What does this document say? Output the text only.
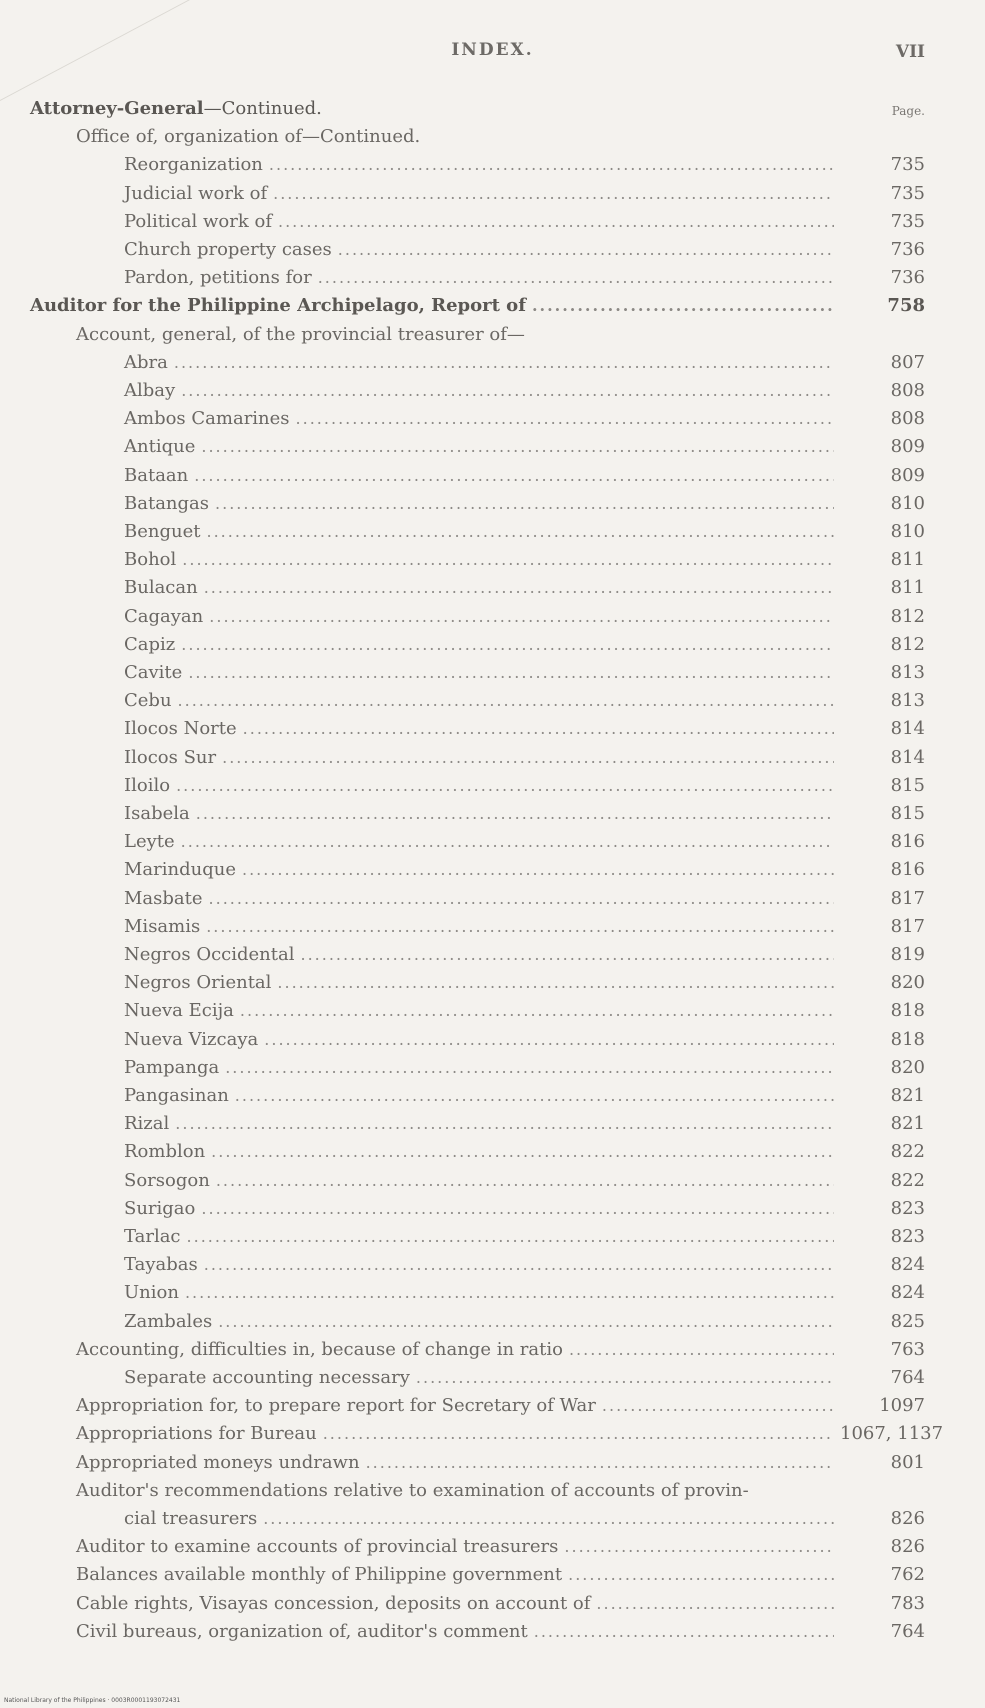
INDEX.	VII
Page.
Attorney-General —Continued.
Office of, organization of—Continued.
Reorganization .....	735
Judicial work of .....	735
Political work of .....	735
Church property cases .....	736
Pardon, petitions for .....	736
Auditor for the Philippine Archipelago, Report of .....	758
Account, general, of the provincial treasurer of—
Abra .....	807
Albay .....	808
Ambos Camarines .....	808
Antique .....	809
Bataan .....	809
Batangas .....	810
Benguet .....	810
Bohol .....	811
Bulacan .....	811
Cagayan .....	812
Capiz .....	812
Cavite .....	813
Cebu .....	813
Ilocos Norte .....	814
Ilocos Sur .....	814
Iloilo .....	815
Isabela .....	815
Leyte .....	816
Marinduque .....	816
Masbate .....	817
Misamis .....	817
Negros Occidental .....	819
Negros Oriental .....	820
Nueva Ecija .....	818
Nueva Vizcaya .....	818
Pampanga .....	820
Pangasinan .....	821
Rizal .....	821
Romblon .....	822
Sorsogon .....	822
Surigao .....	823
Tarlac .....	823
Tayabas .....	824
Union .....	824
Zambales .....	825
Accounting, difficulties in, because of change in ratio .....	763
Separate accounting necessary .....	764
Appropriation for, to prepare report for Secretary of War .....	1097
Appropriations for Bureau .....	1067, 1137
Appropriated moneys undrawn .....	801
Auditor's recommendations relative to examination of accounts of provin-
cial treasurers .....	826
Auditor to examine accounts of provincial treasurers .....	826
Balances available monthly of Philippine government .....	762
Cable rights, Visayas concession, deposits on account of .....	783
Civil bureaus, organization of, auditor's comment .....	764
National Library of the Philippines · 0003R0001193072431
